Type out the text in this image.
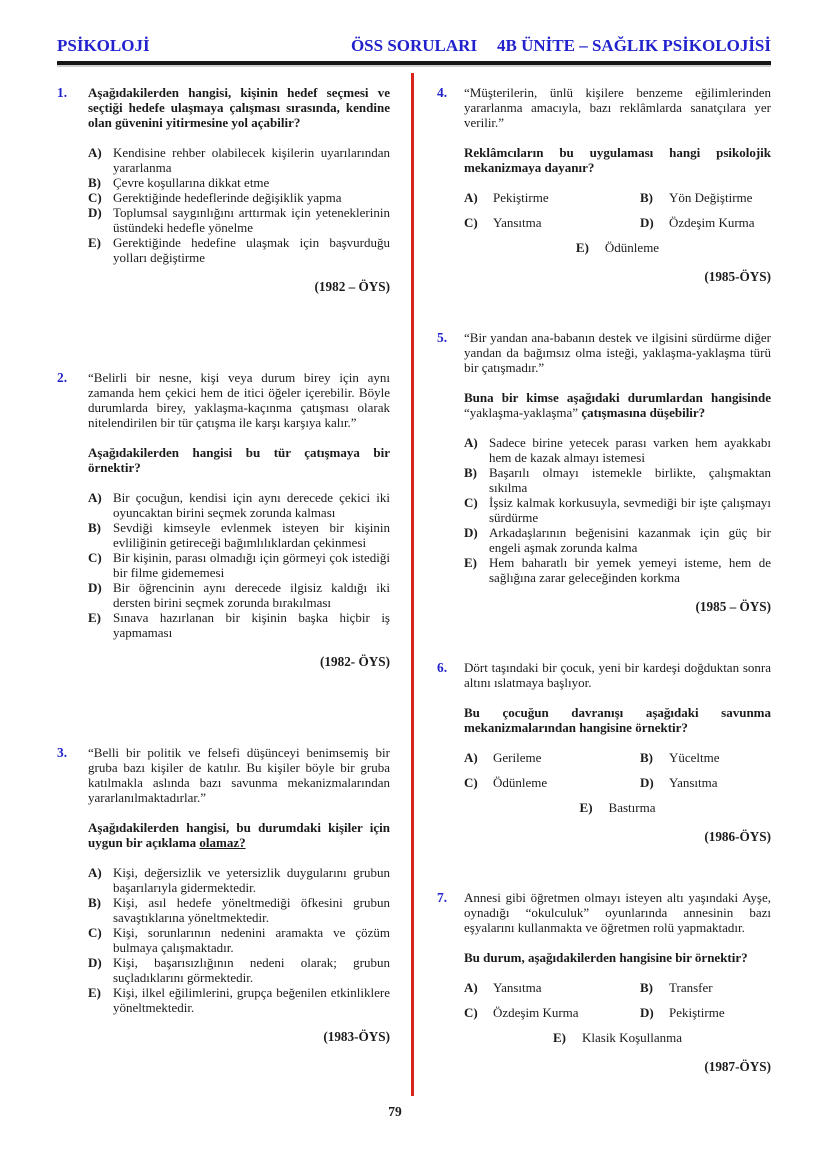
PSİKOLOJİ	ÖSS SORULARI 4B ÜNİTE – SAĞLIK PSİKOLOJİSİ
1.	Aşağıdakilerden hangisi, kişinin hedef seçmesi ve seçtiği hedefe ulaşmaya çalışması sırasında, kendine olan güvenini yitirmesine yol açabilir?

A) Kendisine rehber olabilecek kişilerin uyarılarından yararlanma
B) Çevre koşullarına dikkat etme
C) Gerektiğinde hedeflerinde değişiklik yapma
D) Toplumsal saygınlığını arttırmak için yeteneklerinin üstündeki hedefle yönelme
E) Gerektiğinde hedefine ulaşmak için başvurduğu yolları değiştirme
(1982 – ÖYS)
2.	“Belirli bir nesne, kişi veya durum birey için aynı zamanda hem çekici hem de itici öğeler içerebilir. Böyle durumlarda birey, yaklaşma-kaçınma çatışması olarak nitelendirilen bir tür çatışma ile karşı karşıya kalır.”

Aşağıdakilerden hangisi bu tür çatışmaya bir örnektir?

A) Bir çocuğun, kendisi için aynı derecede çekici iki oyuncaktan birini seçmek zorunda kalması
B) Sevdiği kimseyle evlenmek isteyen bir kişinin evliliğinin getireceği bağımlılıklardan çekinmesi
C) Bir kişinin, parası olmadığı için görmeyi çok istediği bir filme gidememesi
D) Bir öğrencinin aynı derecede ilgisiz kaldığı iki dersten birini seçmek zorunda bırakılması
E) Sınava hazırlanan bir kişinin başka hiçbir iş yapmaması
(1982- ÖYS)
3.	“Belli bir politik ve felsefi düşünceyi benimsemiş bir gruba bazı kişiler de katılır. Bu kişiler böyle bir gruba katılmakla aslında bazı savunma mekanizmalarından yararlanılmaktadırlar.”

Aşağıdakilerden hangisi, bu durumdaki kişiler için uygun bir açıklama olamaz?

A) Kişi, değersizlik ve yetersizlik duygularını grubun başarılarıyla gidermektedir.
B) Kişi, asıl hedefe yöneltmediği öfkesini grubun savaştıklarına yöneltmektedir.
C) Kişi, sorunlarının nedenini aramakta ve çözüm bulmaya çalışmaktadır.
D) Kişi, başarısızlığının nedeni olarak; grubun suçladıklarını görmektedir.
E) Kişi, ilkel eğilimlerini, grupça beğenilen etkinliklere yöneltmektedir.
(1983-ÖYS)
4.	“Müşterilerin, ünlü kişilere benzeme eğilimlerinden yararlanma amacıyla, bazı reklâmlarda sanatçılara yer verilir.”

Reklâmcıların bu uygulaması hangi psikolojik mekanizmaya dayanır?

A)	Pekiştirme	B)	Yön Değiştirme
C)	Yansıtma	D)	Özdeşim Kurma
E)	Ödünleme
(1985-ÖYS)
5.	“Bir yandan ana-babanın destek ve ilgisini sürdürme diğer yandan da bağımsız olma isteği, yaklaşma-yaklaşma türü bir çatışmadır.”

Buna bir kimse aşağıdaki durumlardan hangisinde “yaklaşma-yaklaşma” çatışmasına düşebilir?

A) Sadece birine yetecek parası varken hem ayakkabı hem de kazak almayı istemesi
B) Başarılı olmayı istemekle birlikte, çalışmaktan sıkılma
C) İşsiz kalmak korkusuyla, sevmediği bir işte çalışmayı sürdürme
D) Arkadaşlarının beğenisini kazanmak için güç bir engeli aşmak zorunda kalma
E) Hem baharatlı bir yemek yemeyi isteme, hem de sağlığına zarar geleceğinden korkma
(1985 – ÖYS)
6.	Dört taşındaki bir çocuk, yeni bir kardeşi doğduktan sonra altını ıslatmaya başlıyor.

Bu çocuğun davranışı aşağıdaki savunma mekanizmalarından hangisine örnektir?

A)	Gerileme	B)	Yüceltme
C)	Ödünleme	D)	Yansıtma
E)	Bastırma
(1986-ÖYS)
7.	Annesi gibi öğretmen olmayı isteyen altı yaşındaki Ayşe, oynadığı “okulculuk” oyunlarında annesinin bazı eşyalarını kullanmakta ve öğretmen rolü yapmaktadır.

Bu durum, aşağıdakilerden hangisine bir örnektir?

A)	Yansıtma	B)	Transfer
C)	Özdeşim Kurma	D)	Pekiştirme
E)	Klasik Koşullanma
(1987-ÖYS)
79
